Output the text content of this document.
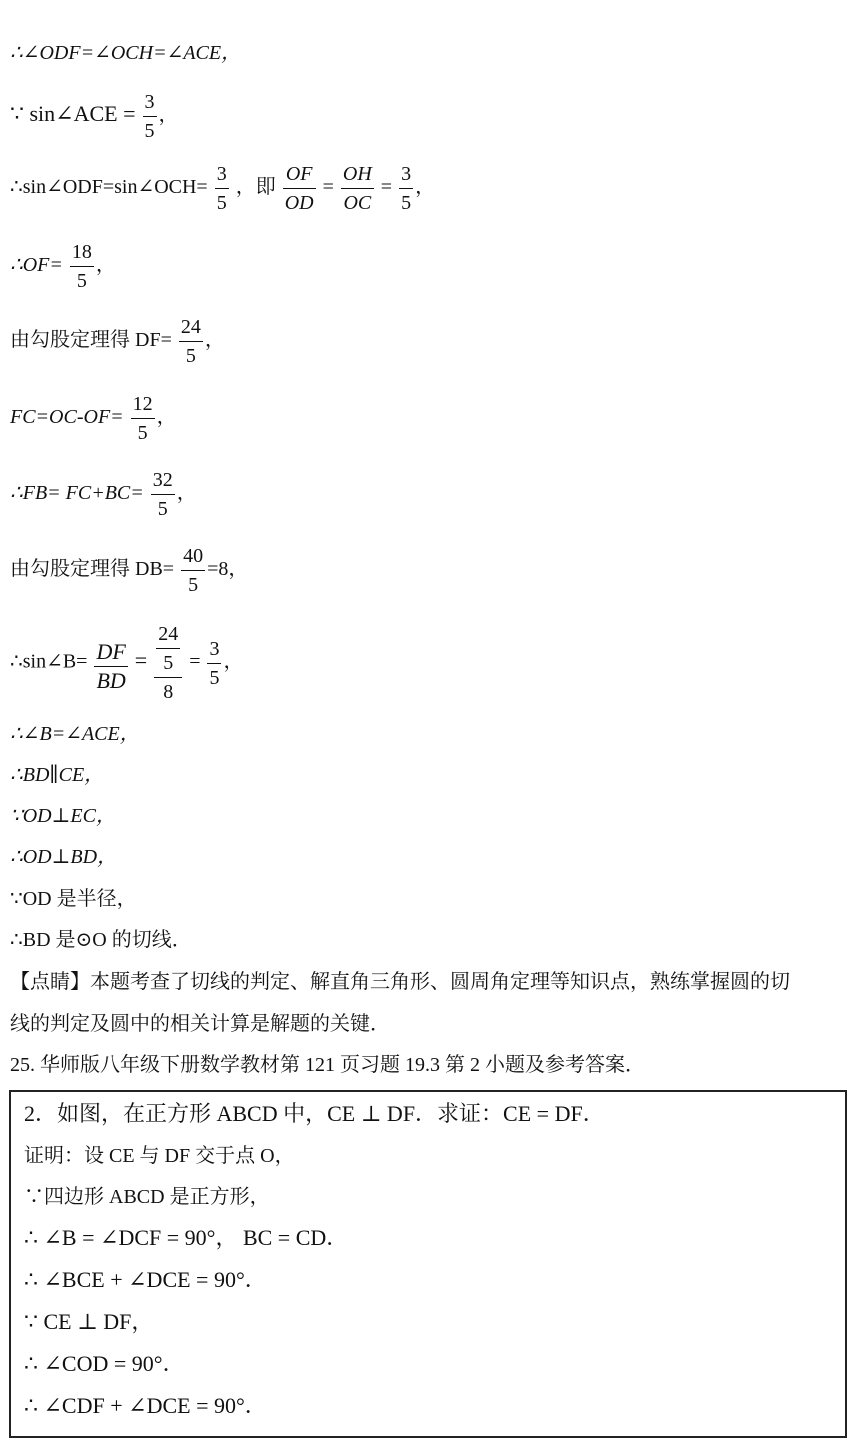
∴∠ODF=∠OCH=∠ACE，
∵ sin∠ACE = $\frac{3}{5}$ ，
∴sin∠ODF=sin∠OCH= $\frac{3}{5}$ ，即 $\frac{OF}{OD} = \frac{OH}{OC} = \frac{3}{5}$ ，
∴OF= $\frac{18}{5}$ ，
由勾股定理得 $DF= \frac{24}{5}$ ，
$FC=OC-OF= \frac{12}{5}$ ，
∴FB= $FC+BC= \frac{32}{5}$ ，
由勾股定理得 $DB= \frac{40}{5} =8$，
∴sin∠B= $\frac{DF}{BD} = \frac{\frac{24}{5}}{8} = \frac{3}{5}$ ，
∴∠B=∠ACE，
∴BD∥CE，
∵OD⊥EC，
∴OD⊥BD，
∵OD 是半径，
∴BD 是⊙O 的切线．
【点睛】本题考查了切线的判定、解直角三角形、圆周角定理等知识点，熟练掌握圆的切
线的判定及圆中的相关计算是解题的关键．
25. 华师版八年级下册数学教材第 121 页习题 19.3 第 2 小题及参考答案．
2．如图，在正方形 ABCD 中，CE ⊥ DF．求证：CE = DF．
证明：设 CE 与 DF 交于点 O，
∵四边形 ABCD 是正方形，
∴ ∠B = ∠DCF = 90°， BC = CD．
∴ ∠BCE + ∠DCE = 90°．
∵ CE ⊥ DF，
∴ ∠COD = 90°．
∴ ∠CDF + ∠DCE = 90°．
